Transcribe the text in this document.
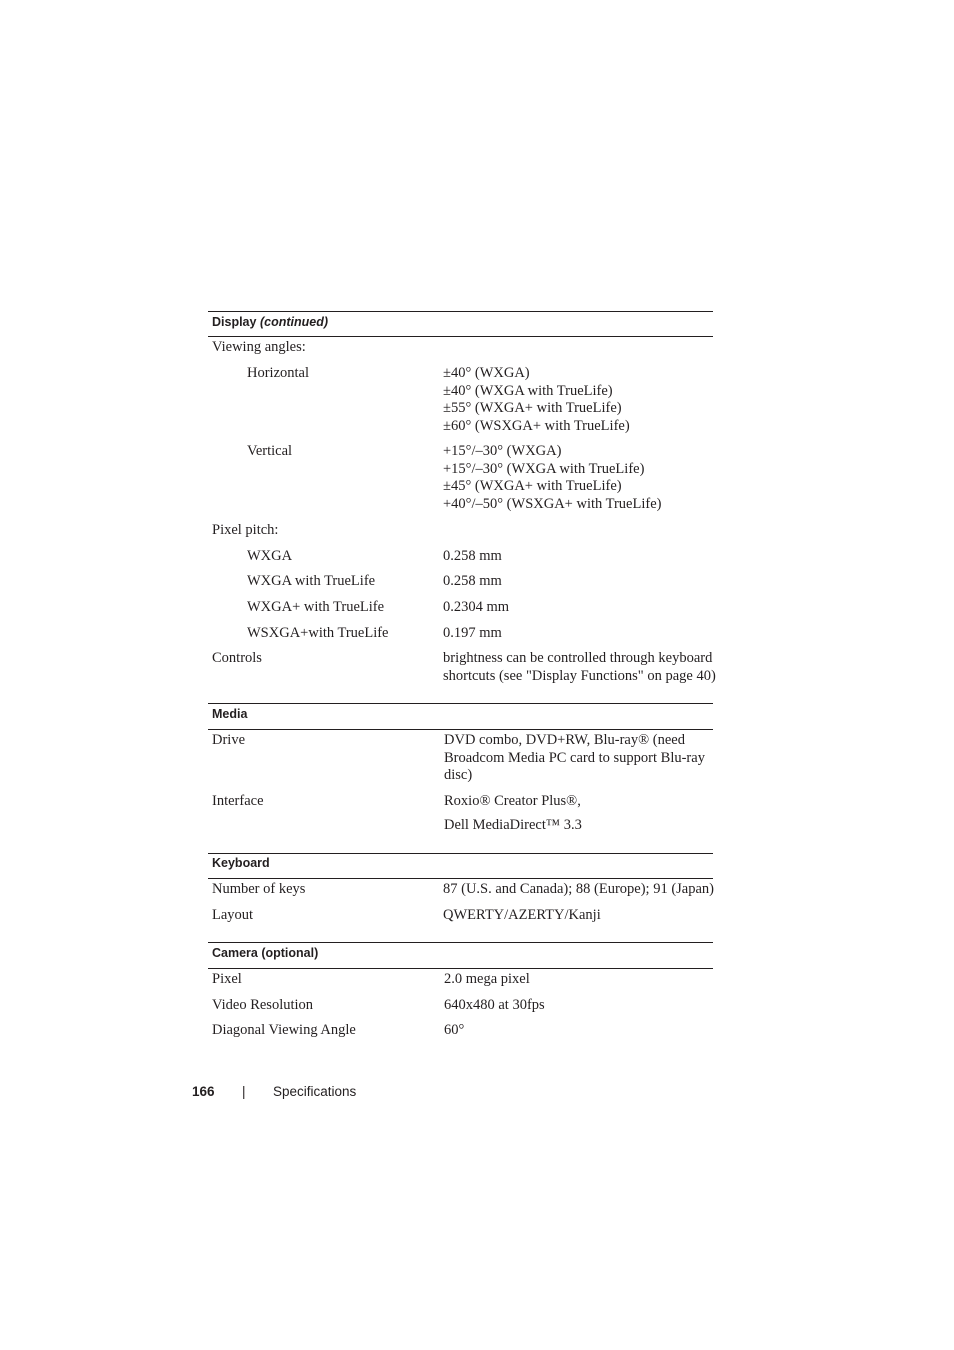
Display (continued)
Viewing angles:
Horizontal	±40° (WXGA)
±40° (WXGA with TrueLife)
±55° (WXGA+ with TrueLife)
±60° (WSXGA+ with TrueLife)
Vertical	+15°/–30° (WXGA)
+15°/–30° (WXGA with TrueLife)
±45° (WXGA+ with TrueLife)
+40°/–50° (WSXGA+ with TrueLife)
Pixel pitch:
WXGA	0.258 mm
WXGA with TrueLife	0.258 mm
WXGA+ with TrueLife	0.2304 mm
WSXGA+with TrueLife	0.197 mm
Controls	brightness can be controlled through keyboard
shortcuts (see "Display Functions" on page 40)
Media
Drive	DVD combo, DVD+RW, Blu-ray® (need
Broadcom Media PC card to support Blu-ray
disc)
Interface	Roxio® Creator Plus®,
Dell MediaDirect™ 3.3
Keyboard
Number of keys	87 (U.S. and Canada); 88 (Europe); 91 (Japan)
Layout	QWERTY/AZERTY/Kanji
Camera (optional)
Pixel	2.0 mega pixel
Video Resolution	640x480 at 30fps
Diagonal Viewing Angle	60°
166 | Specifications
